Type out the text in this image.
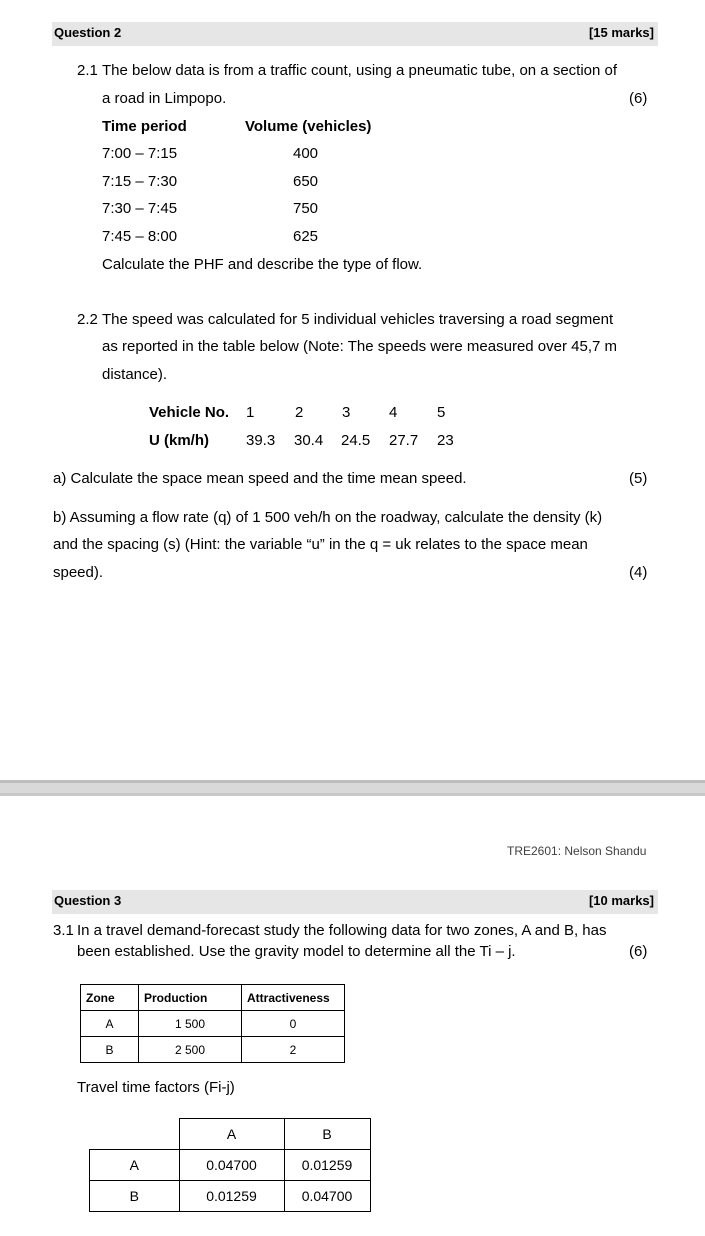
Question 2	[15 marks]
2.1 The below data is from a traffic count, using a pneumatic tube, on a section of
a road in Limpopo.	(6)
Time period	Volume (vehicles)
7:00 – 7:15	400
7:15 – 7:30	650
7:30 – 7:45	750
7:45 – 8:00	625
Calculate the PHF and describe the type of flow.
2.2 The speed was calculated for 5 individual vehicles traversing a road segment
as reported in the table below (Note: The speeds were measured over 45,7 m
distance).
Vehicle No. 1	2	3	4	5
U (km/h) 39.3 30.4 24.5 27.7 23
a) Calculate the space mean speed and the time mean speed.	(5)
b) Assuming a flow rate (q) of 1 500 veh/h on the roadway, calculate the density (k)
and the spacing (s) (Hint: the variable “u” in the q = uk relates to the space mean
speed).	(4)
TRE2601: Nelson Shandu
Question 3	[10 marks]
3.1 In a travel demand-forecast study the following data for two zones, A and B, has
been established. Use the gravity model to determine all the Ti – j.	(6)
Zone	Production	Attractiveness
A	1 500	0
B	2 500	2
Travel time factors (Fi-j)
	A	B
A	0.04700	0.01259
B	0.01259	0.04700
